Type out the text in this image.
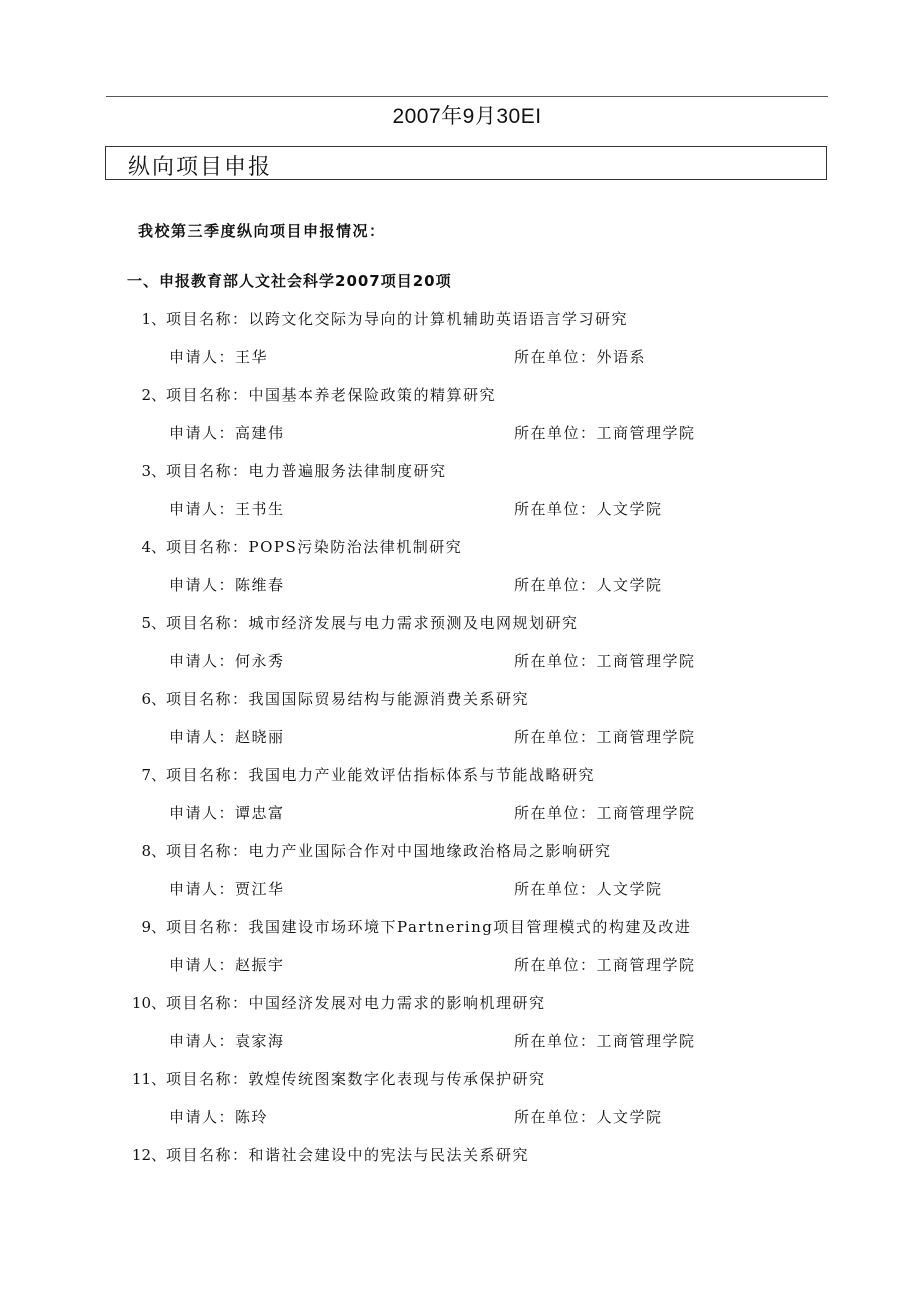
2007年9月30EI
纵向项目申报
我校第三季度纵向项目申报情况：
一、申报教育部人文社会科学2007项目20项
1、项目名称：以跨文化交际为导向的计算机辅助英语语言学习研究
申请人：王华	所在单位：外语系
2、项目名称：中国基本养老保险政策的精算研究
申请人：高建伟	所在单位：工商管理学院
3、项目名称：电力普遍服务法律制度研究
申请人：王书生	所在单位：人文学院
4、项目名称：POPS污染防治法律机制研究
申请人：陈维春	所在单位：人文学院
5、项目名称：城市经济发展与电力需求预测及电网规划研究
申请人：何永秀	所在单位：工商管理学院
6、项目名称：我国国际贸易结构与能源消费关系研究
申请人：赵晓丽	所在单位：工商管理学院
7、项目名称：我国电力产业能效评估指标体系与节能战略研究
申请人：谭忠富	所在单位：工商管理学院
8、项目名称：电力产业国际合作对中国地缘政治格局之影响研究
申请人：贾江华	所在单位：人文学院
9、项目名称：我国建设市场环境下Partnering项目管理模式的构建及改进
申请人：赵振宇	所在单位：工商管理学院
10、项目名称：中国经济发展对电力需求的影响机理研究
申请人：袁家海	所在单位：工商管理学院
11、项目名称：敦煌传统图案数字化表现与传承保护研究
申请人：陈玲	所在单位：人文学院
12、项目名称：和谐社会建设中的宪法与民法关系研究
